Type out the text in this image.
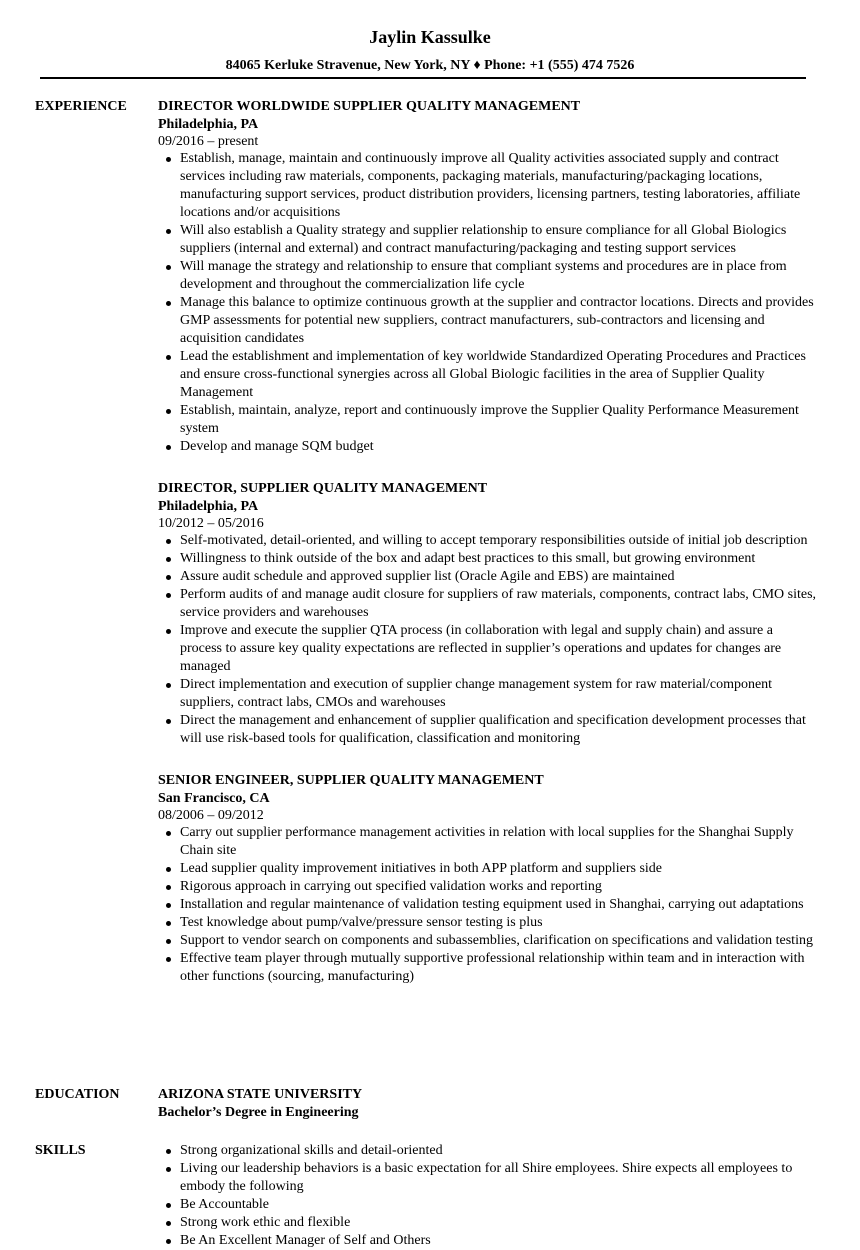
Jaylin Kassulke
84065 Kerluke Stravenue, New York, NY ♦ Phone: +1 (555) 474 7526
EXPERIENCE	DIRECTOR WORLDWIDE SUPPLIER QUALITY MANAGEMENT
Philadelphia, PA
09/2016 – present
Establish, manage, maintain and continuously improve all Quality activities associated supply and contract services including raw materials, components, packaging materials, manufacturing/packaging locations, manufacturing support services, product distribution providers, licensing partners, testing laboratories, affiliate locations and/or acquisitions
Will also establish a Quality strategy and supplier relationship to ensure compliance for all Global Biologics suppliers (internal and external) and contract manufacturing/packaging and testing support services
Will manage the strategy and relationship to ensure that compliant systems and procedures are in place from development and throughout the commercialization life cycle
Manage this balance to optimize continuous growth at the supplier and contractor locations. Directs and provides GMP assessments for potential new suppliers, contract manufacturers, sub-contractors and licensing and acquisition candidates
Lead the establishment and implementation of key worldwide Standardized Operating Procedures and Practices and ensure cross-functional synergies across all Global Biologic facilities in the area of Supplier Quality Management
Establish, maintain, analyze, report and continuously improve the Supplier Quality Performance Measurement system
Develop and manage SQM budget
DIRECTOR, SUPPLIER QUALITY MANAGEMENT
Philadelphia, PA
10/2012 – 05/2016
Self-motivated, detail-oriented, and willing to accept temporary responsibilities outside of initial job description
Willingness to think outside of the box and adapt best practices to this small, but growing environment
Assure audit schedule and approved supplier list (Oracle Agile and EBS) are maintained
Perform audits of and manage audit closure for suppliers of raw materials, components, contract labs, CMO sites, service providers and warehouses
Improve and execute the supplier QTA process (in collaboration with legal and supply chain) and assure a process to assure key quality expectations are reflected in supplier’s operations and updates for changes are managed
Direct implementation and execution of supplier change management system for raw material/component suppliers, contract labs, CMOs and warehouses
Direct the management and enhancement of supplier qualification and specification development processes that will use risk-based tools for qualification, classification and monitoring
SENIOR ENGINEER, SUPPLIER QUALITY MANAGEMENT
San Francisco, CA
08/2006 – 09/2012
Carry out supplier performance management activities in relation with local supplies for the Shanghai Supply Chain site
Lead supplier quality improvement initiatives in both APP platform and suppliers side
Rigorous approach in carrying out specified validation works and reporting
Installation and regular maintenance of validation testing equipment used in Shanghai, carrying out adaptations
Test knowledge about pump/valve/pressure sensor testing is plus
Support to vendor search on components and subassemblies, clarification on specifications and validation testing
Effective team player through mutually supportive professional relationship within team and in interaction with other functions (sourcing, manufacturing)
EDUCATION	ARIZONA STATE UNIVERSITY
Bachelor’s Degree in Engineering
SKILLS	Strong organizational skills and detail-oriented
Living our leadership behaviors is a basic expectation for all Shire employees. Shire expects all employees to embody the following
Be Accountable
Strong work ethic and flexible
Be An Excellent Manager of Self and Others
